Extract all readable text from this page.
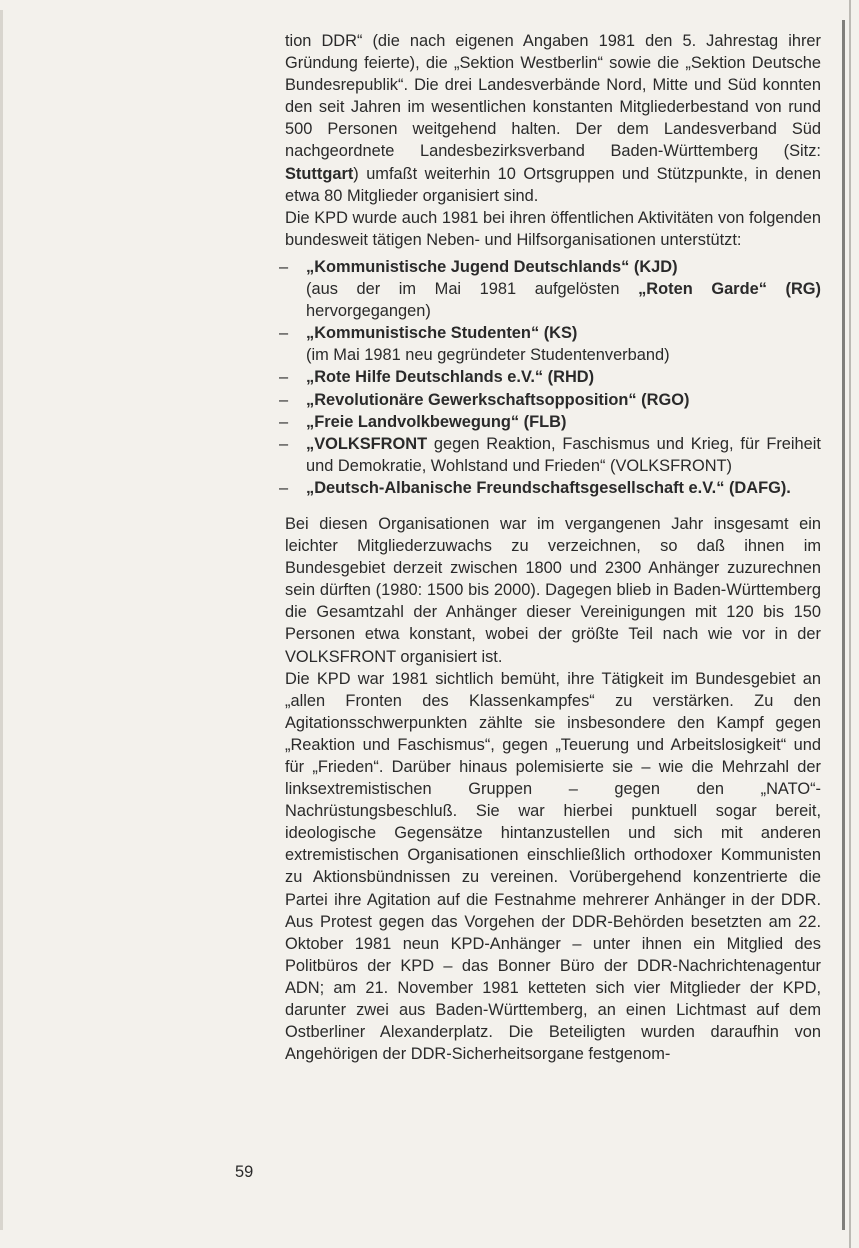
tion DDR“ (die nach eigenen Angaben 1981 den 5. Jahrestag ihrer Gründung feierte), die „Sektion Westberlin“ sowie die „Sektion Deutsche Bundesrepublik“. Die drei Landesverbände Nord, Mitte und Süd konnten den seit Jahren im wesentlichen konstanten Mitgliederbestand von rund 500 Personen weitgehend halten. Der dem Landesverband Süd nachgeordnete Landesbezirksverband Baden-Württemberg (Sitz: Stuttgart) umfaßt weiterhin 10 Ortsgruppen und Stützpunkte, in denen etwa 80 Mitglieder organisiert sind.

Die KPD wurde auch 1981 bei ihren öffentlichen Aktivitäten von folgenden bundesweit tätigen Neben- und Hilfsorganisationen unterstützt:

– „Kommunistische Jugend Deutschlands“ (KJD)
(aus der im Mai 1981 aufgelösten „Roten Garde“ (RG) hervorgegangen)
– „Kommunistische Studenten“ (KS)
(im Mai 1981 neu gegründeter Studentenverband)
– „Rote Hilfe Deutschlands e.V.“ (RHD)
– „Revolutionäre Gewerkschaftsopposition“ (RGO)
– „Freie Landvolkbewegung“ (FLB)
– „VOLKSFRONT gegen Reaktion, Faschismus und Krieg, für Freiheit und Demokratie, Wohlstand und Frieden“ (VOLKSFRONT)
– „Deutsch-Albanische Freundschaftsgesellschaft e.V.“ (DAFG).

Bei diesen Organisationen war im vergangenen Jahr insgesamt ein leichter Mitgliederzuwachs zu verzeichnen, so daß ihnen im Bundesgebiet derzeit zwischen 1800 und 2300 Anhänger zuzurechnen sein dürften (1980: 1500 bis 2000). Dagegen blieb in Baden-Württemberg die Gesamtzahl der Anhänger dieser Vereinigungen mit 120 bis 150 Personen etwa konstant, wobei der größte Teil nach wie vor in der VOLKSFRONT organisiert ist.

Die KPD war 1981 sichtlich bemüht, ihre Tätigkeit im Bundesgebiet an „allen Fronten des Klassenkampfes“ zu verstärken. Zu den Agitationsschwerpunkten zählte sie insbesondere den Kampf gegen „Reaktion und Faschismus“, gegen „Teuerung und Arbeitslosigkeit“ und für „Frieden“. Darüber hinaus polemisierte sie – wie die Mehrzahl der linksextremistischen Gruppen – gegen den „NATO“-Nachrüstungsbeschluß. Sie war hierbei punktuell sogar bereit, ideologische Gegensätze hintanzustellen und sich mit anderen extremistischen Organisationen einschließlich orthodoxer Kommunisten zu Aktionsbündnissen zu vereinen. Vorübergehend konzentrierte die Partei ihre Agitation auf die Festnahme mehrerer Anhänger in der DDR. Aus Protest gegen das Vorgehen der DDR-Behörden besetzten am 22. Oktober 1981 neun KPD-Anhänger – unter ihnen ein Mitglied des Politbüros der KPD – das Bonner Büro der DDR-Nachrichtenagentur ADN; am 21. November 1981 ketteten sich vier Mitglieder der KPD, darunter zwei aus Baden-Württemberg, an einen Lichtmast auf dem Ostberliner Alexanderplatz. Die Beteiligten wurden daraufhin von Angehörigen der DDR-Sicherheitsorgane festgenom-

59
